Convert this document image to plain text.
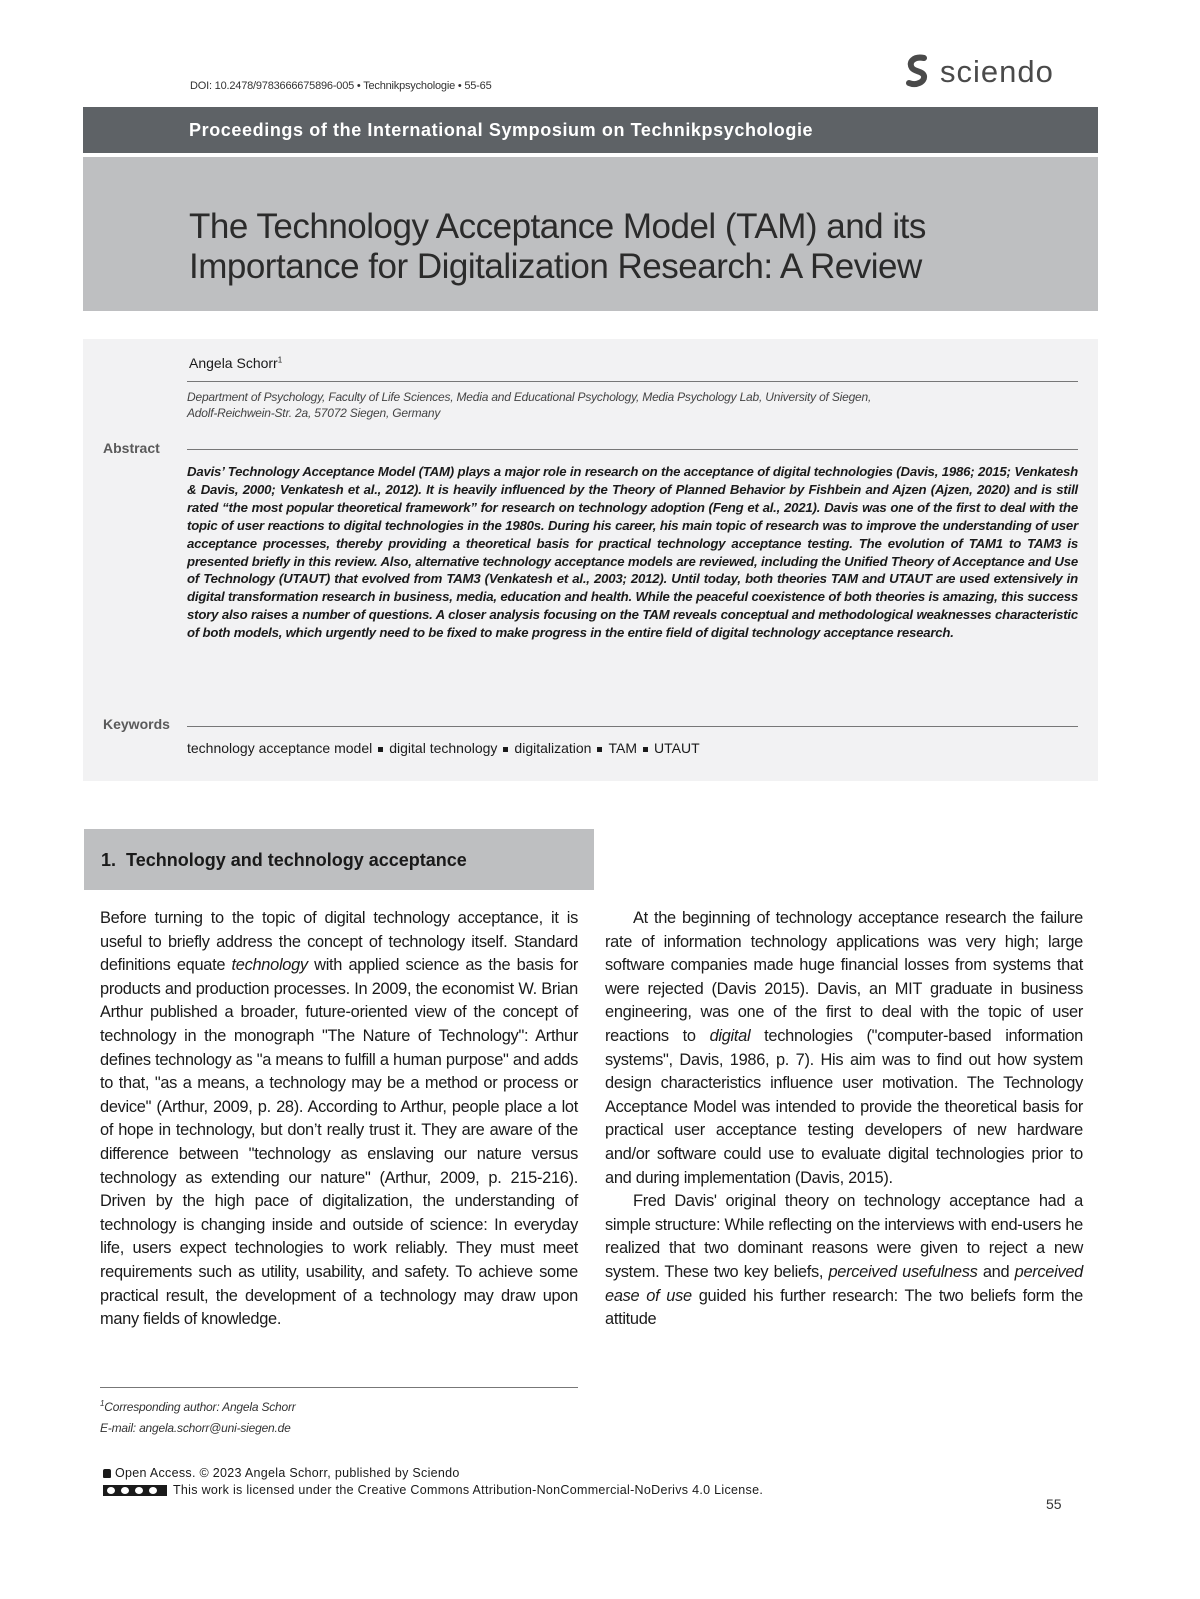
DOI: 10.2478/9783666675896-005 • Technikpsychologie • 55-65	sciendo
Proceedings of the International Symposium on Technikpsychologie
The Technology Acceptance Model (TAM) and its
Importance for Digitalization Research: A Review
Angela Schorr$^1$
Department of Psychology, Faculty of Life Sciences, Media and Educational Psychology, Media Psychology Lab, University of Siegen,
Adolf-Reichwein-Str. 2a, 57072 Siegen, Germany
Abstract
Davis’ Technology Acceptance Model (TAM) plays a major role in research on the acceptance of digital technologies (Davis, 1986; 2015; Venkatesh & Davis, 2000; Venkatesh et al., 2012). It is heavily influenced by the Theory of Planned Behavior by Fishbein and Ajzen (Ajzen, 2020) and is still rated “the most popular theoretical framework” for research on technology adoption (Feng et al., 2021). Davis was one of the first to deal with the topic of user reactions to digital technologies in the 1980s. During his career, his main topic of research was to improve the understanding of user acceptance processes, thereby providing a theoretical basis for practical technology acceptance testing. The evolution of TAM1 to TAM3 is presented briefly in this review. Also, alternative technology acceptance models are reviewed, including the Unified Theory of Acceptance and Use of Technology (UTAUT) that evolved from TAM3 (Venkatesh et al., 2003; 2012). Until today, both theories TAM and UTAUT are used extensively in digital transformation research in business, media, education and health. While the peaceful coexistence of both theories is amazing, this success story also raises a number of questions. A closer analysis focusing on the TAM reveals conceptual and methodological weaknesses characteristic of both models, which urgently need to be fixed to make progress in the entire field of digital technology acceptance research.
Keywords
technology acceptance model digital technology digitalization TAM UTAUT
1. Technology and technology acceptance

Before turning to the topic of digital technology acceptance, it is useful to briefly address the concept of technology itself. Standard definitions equate technology with applied science as the basis for products and production processes. In 2009, the economist W. Brian Arthur published a broader, future-oriented view of the concept of technology in the monograph "The Nature of Technology": Arthur defines technology as "a means to fulfill a human purpose" and adds to that, "as a means, a technology may be a method or process or device" (Arthur, 2009, p. 28). According to Arthur, people place a lot of hope in technology, but don’t really trust it. They are aware of the difference between "technology as enslaving our nature versus technology as extending our nature" (Arthur, 2009, p. 215-216). Driven by the high pace of digitalization, the understanding of technology is changing inside and outside of science: In everyday life, users expect technologies to work reliably. They must meet requirements such as utility, usability, and safety. To achieve some practical result, the development of a technology may draw upon many fields of knowledge.

At the beginning of technology acceptance research the failure rate of information technology applications was very high; large software companies made huge financial losses from systems that were rejected (Davis 2015). Davis, an MIT graduate in business engineering, was one of the first to deal with the topic of user reactions to digital technologies ("computer-based information systems", Davis, 1986, p. 7). His aim was to find out how system design characteristics influence user motivation. The Technology Acceptance Model was intended to provide the theoretical basis for practical user acceptance testing developers of new hardware and/or software could use to evaluate digital technologies prior to and during implementation (Davis, 2015).

Fred Davis' original theory on technology acceptance had a simple structure: While reflecting on the interviews with end-users he realized that two dominant reasons were given to reject a new system. These two key beliefs, perceived usefulness and perceived ease of use guided his further research: The two beliefs form the attitude

$^1$Corresponding author: Angela Schorr
E-mail: angela.schorr@uni-siegen.de
Open Access. © 2023 Angela Schorr, published by Sciendo
This work is licensed under the Creative Commons Attribution-NonCommercial-NoDerivs 4.0 License.
55
